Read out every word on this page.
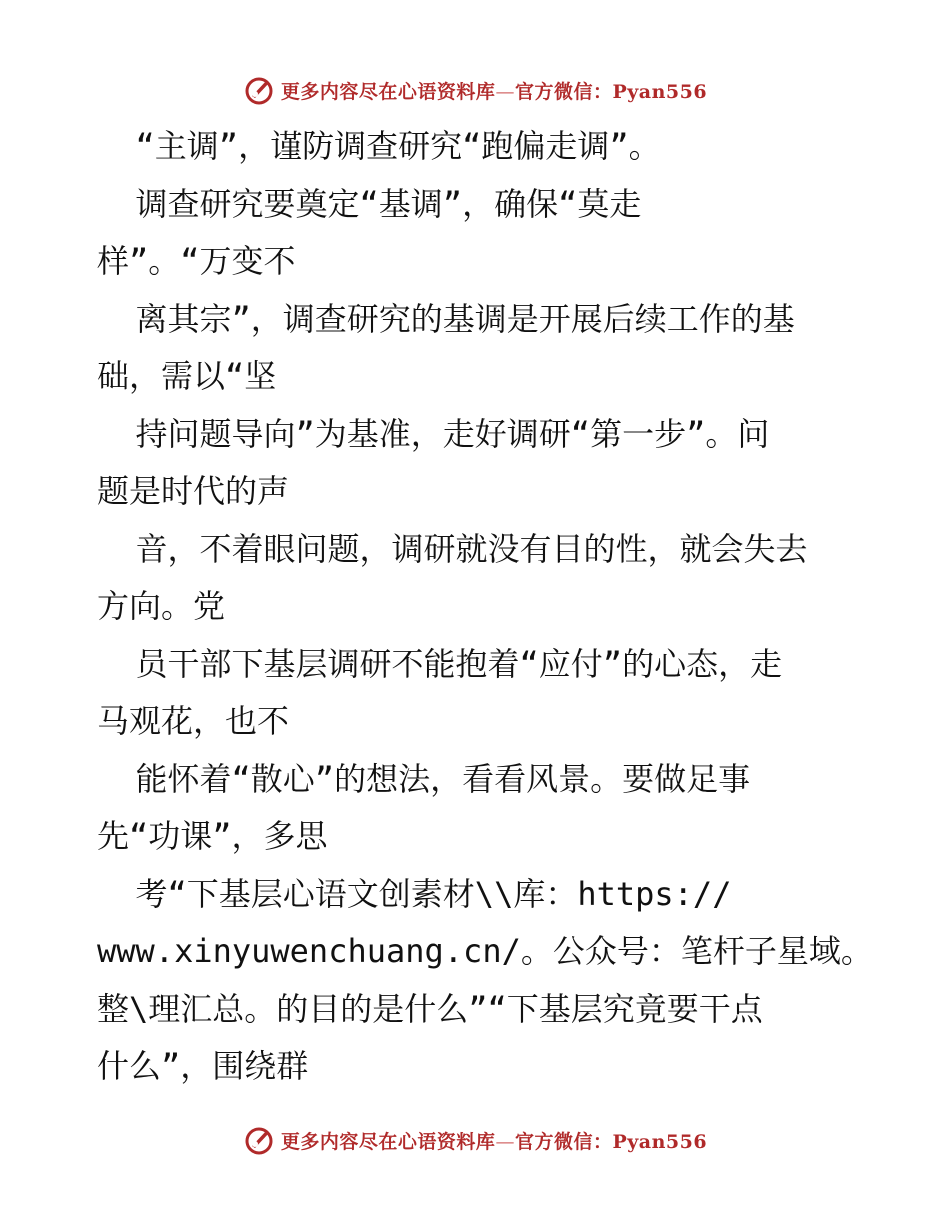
更多内容尽在心语资料库—官方微信：Pyan556
“主调”，谨防调查研究“跑偏走调”。
调查研究要奠定“基调”，确保“莫走
样”。“万变不
离其宗”，调查研究的基调是开展后续工作的基
础，需以“坚
持问题导向”为基准，走好调研“第一步”。问
题是时代的声
音，不着眼问题，调研就没有目的性，就会失去
方向。党
员干部下基层调研不能抱着“应付”的心态，走
马观花，也不
能怀着“散心”的想法，看看风景。要做足事
先“功课”，多思
考“下基层心语文创素材\\库：https://
www.xinyuwenchuang.cn/。公众号：笔杆子星域。
整\理汇总。的目的是什么”“下基层究竟要干点
什么”，围绕群
更多内容尽在心语资料库—官方微信：Pyan556
